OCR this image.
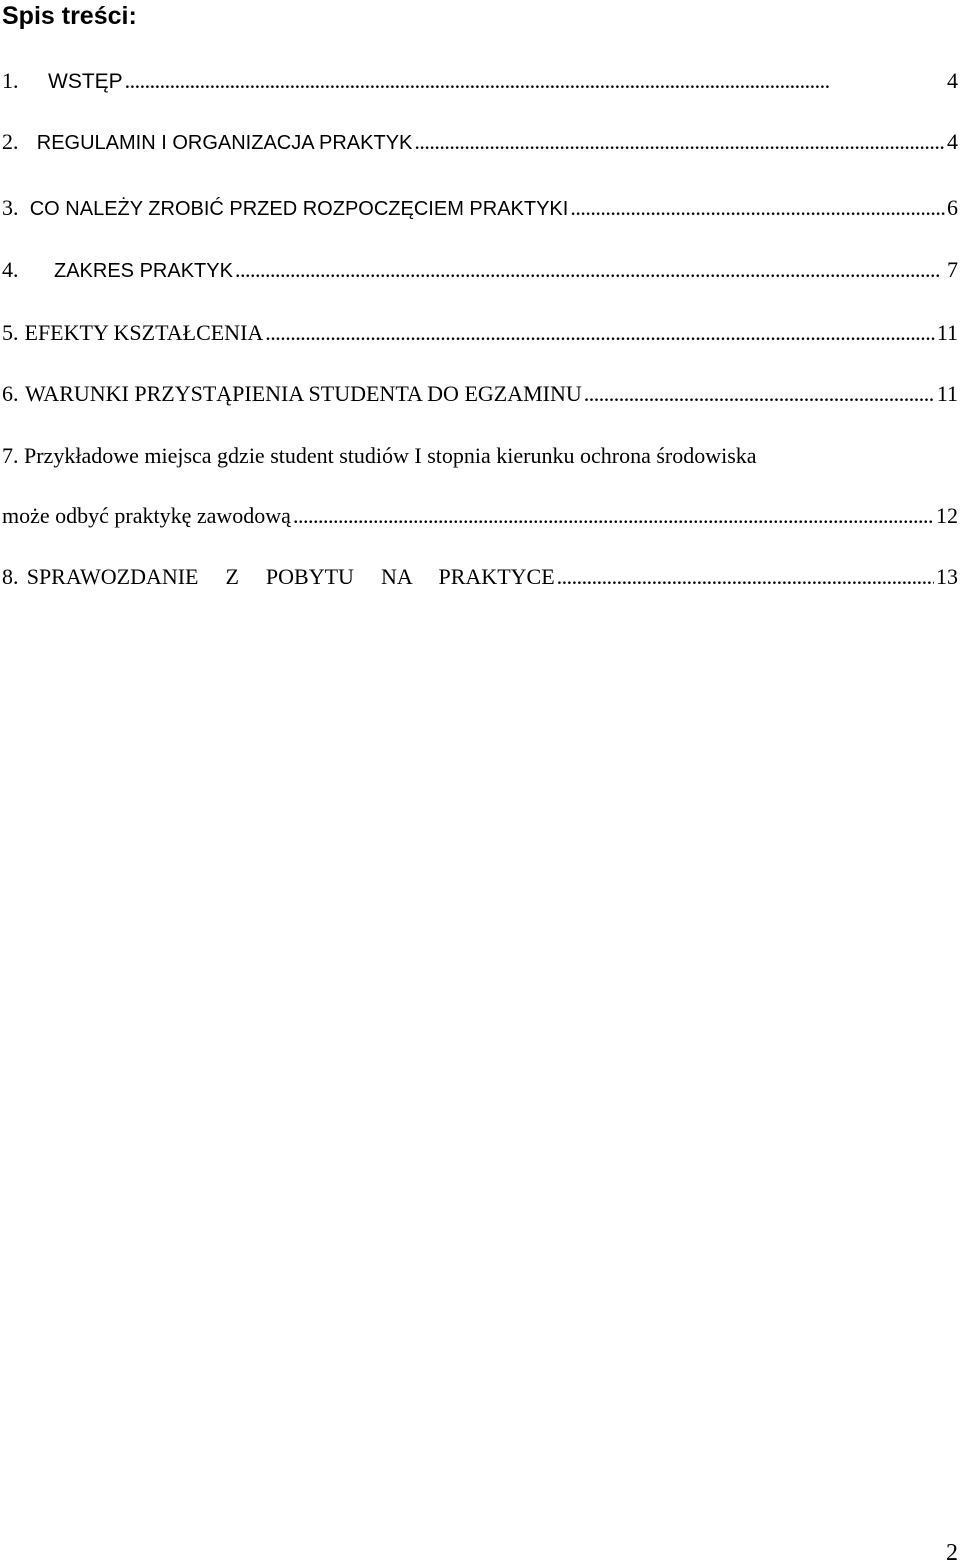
Spis treści:
1.	WSTĘP . . .	4
2. REGULAMIN I ORGANIZACJA PRAKTYK . . .	4
3. CO NALEŻY ZROBIĆ PRZED ROZPOCZĘCIEM PRAKTYKI . . .	6
4.	ZAKRES PRAKTYK . . .	7
5. EFEKTY KSZTAŁCENIA . . .	11
6. WARUNKI PRZYSTĄPIENIA STUDENTA DO EGZAMINU . . .	11
7. Przykładowe miejsca gdzie student studiów I stopnia kierunku ochrona środowiska
może odbyć praktykę zawodową . . .	12
8. SPRAWOZDANIE  Z  POBYTU  NA  PRAKTYCE . . .	13
2
